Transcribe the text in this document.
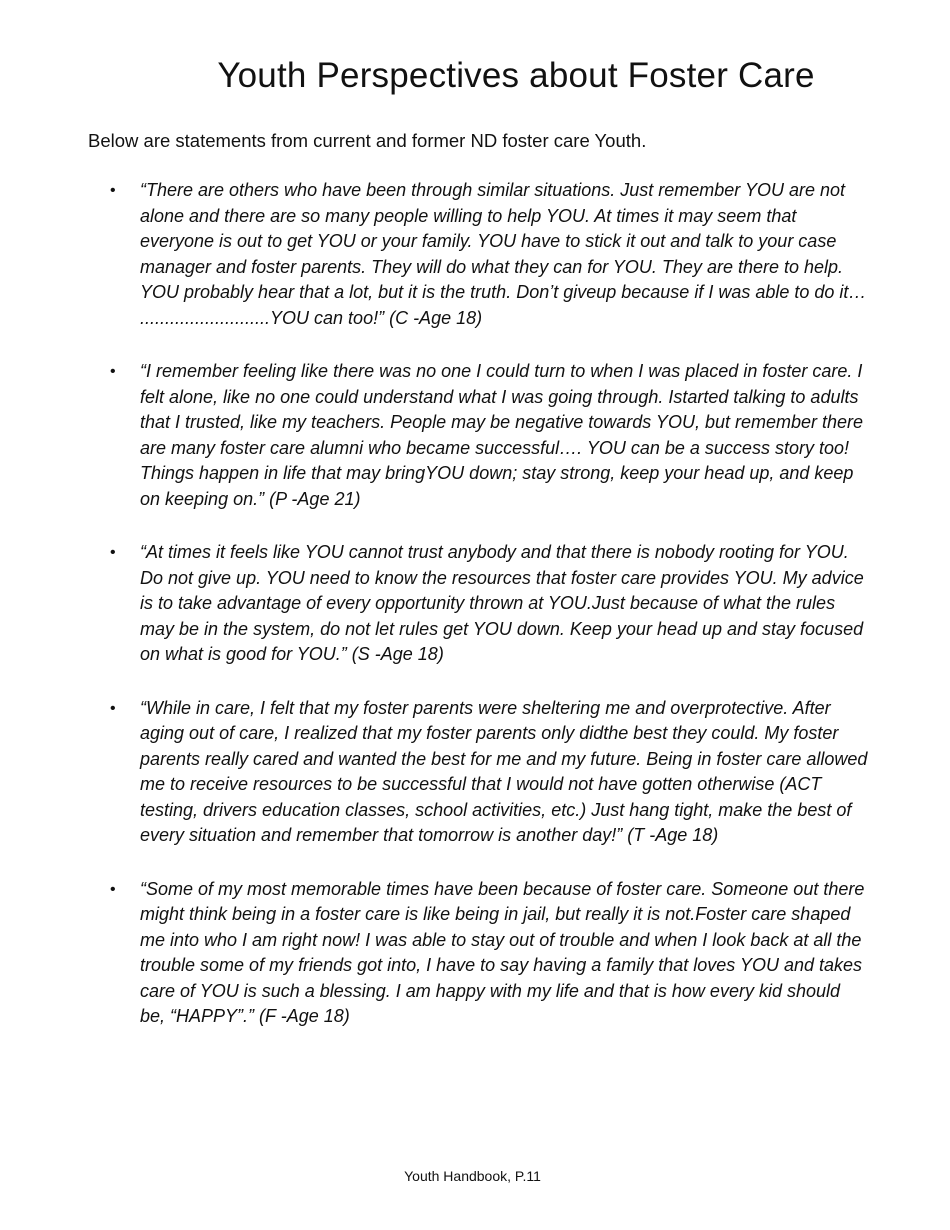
Youth Perspectives about Foster Care

Below are statements from current and former ND foster care Youth.

• “There are others who have been through similar situations. Just remember YOU are not alone and there are so many people willing to help YOU. At times it may seem that everyone is out to get YOU or your family. YOU have to stick it out and talk to your case manager and foster parents. They will do what they can for YOU. They are there to help. YOU probably hear that a lot, but it is the truth. Don’t giveup because if I was able to do it… ..........................YOU can too!” (C -Age 18)
• “I remember feeling like there was no one I could turn to when I was placed in foster care. I felt alone, like no one could understand what I was going through. Istarted talking to adults that I trusted, like my teachers. People may be negative towards YOU, but remember there are many foster care alumni who became successful…. YOU can be a success story too! Things happen in life that may bringYOU down; stay strong, keep your head up, and keep on keeping on.” (P -Age 21)
• “At times it feels like YOU cannot trust anybody and that there is nobody rooting for YOU. Do not give up. YOU need to know the resources that foster care provides YOU. My advice is to take advantage of every opportunity thrown at YOU.Just because of what the rules may be in the system, do not let rules get YOU down. Keep your head up and stay focused on what is good for YOU.” (S -Age 18)
• “While in care, I felt that my foster parents were sheltering me and overprotective. After aging out of care, I realized that my foster parents only didthe best they could. My foster parents really cared and wanted the best for me and my future. Being in foster care allowed me to receive resources to be successful that I would not have gotten otherwise (ACT testing, drivers education classes, school activities, etc.) Just hang tight, make the best of every situation and remember that tomorrow is another day!” (T -Age 18)
• “Some of my most memorable times have been because of foster care. Someone out there might think being in a foster care is like being in jail, but really it is not.Foster care shaped me into who I am right now! I was able to stay out of trouble and when I look back at all the trouble some of my friends got into, I have to say having a family that loves YOU and takes care of YOU is such a blessing. I am happy with my life and that is how every kid should be, “HAPPY”.” (F -Age 18)

Youth Handbook, P.11
